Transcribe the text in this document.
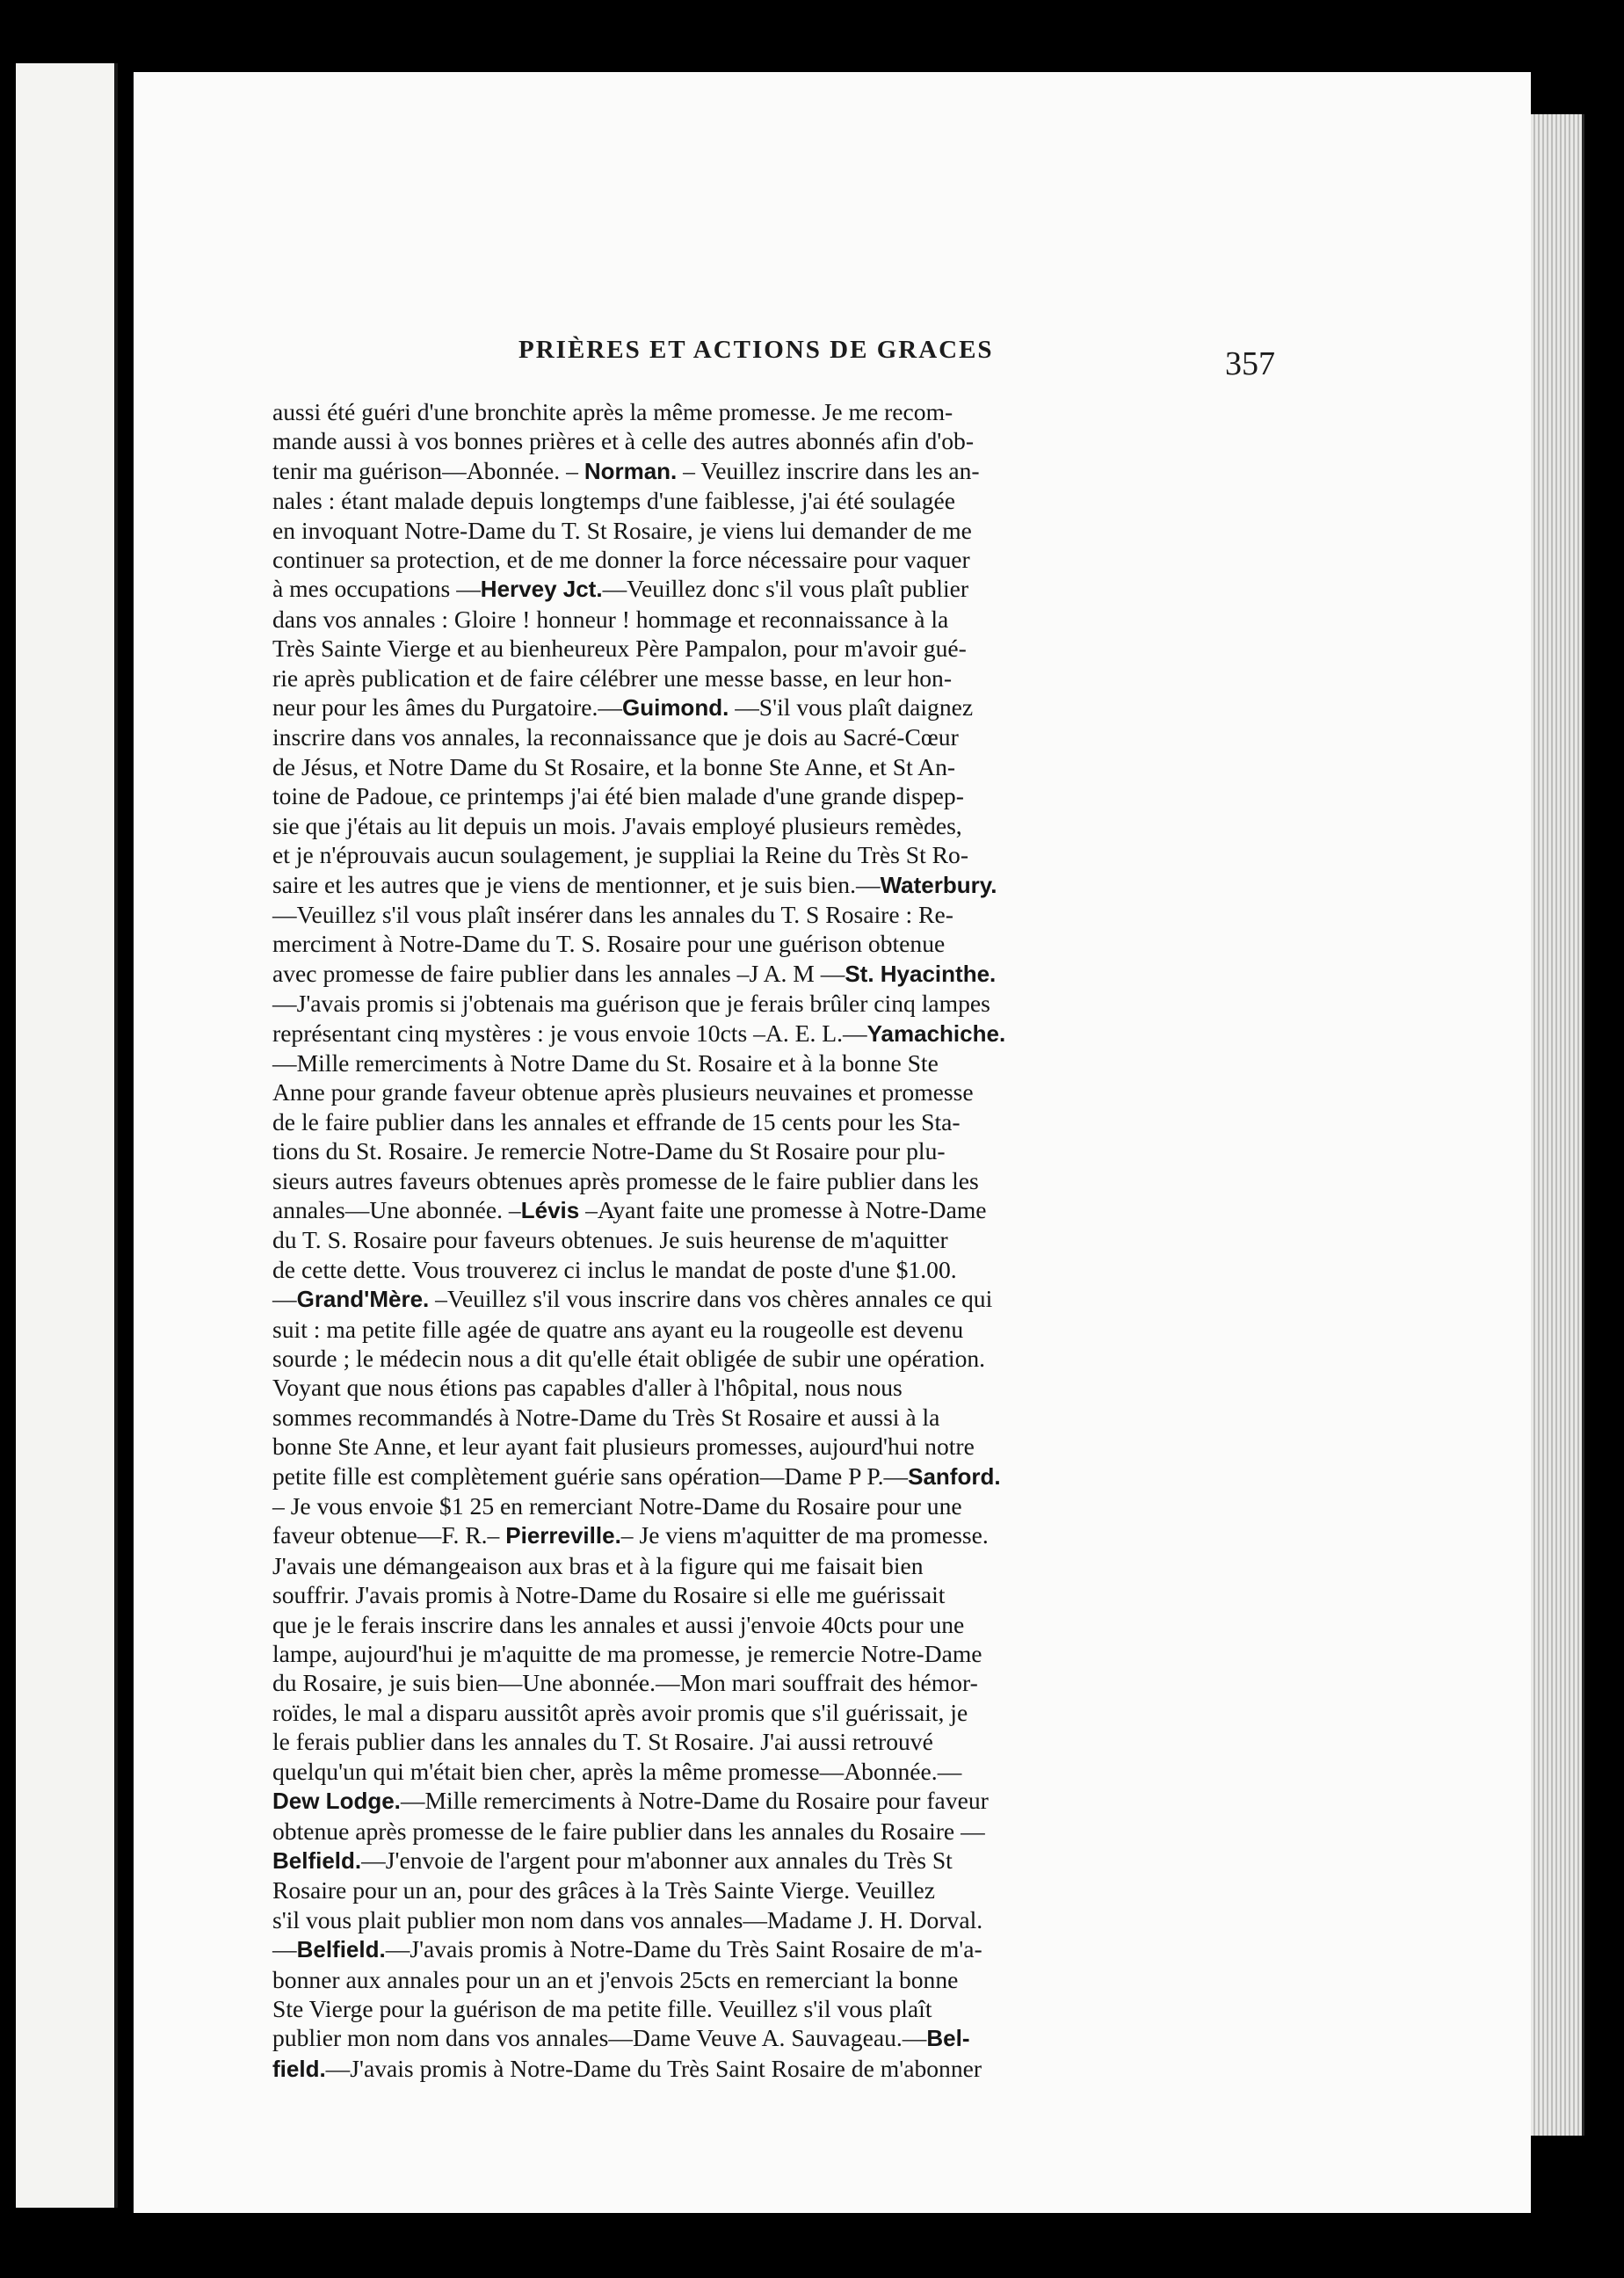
PRIÈRES ET ACTIONS DE GRACES	357
aussi été guéri d'une bronchite après la même promesse. Je me recom-
mande aussi à vos bonnes prières et à celle des autres abonnés afin d'ob-
tenir ma guérison—Abonnée. – Norman. – Veuillez inscrire dans les an-
nales : étant malade depuis longtemps d'une faiblesse, j'ai été soulagée
en invoquant Notre-Dame du T. St Rosaire, je viens lui demander de me
continuer sa protection, et de me donner la force nécessaire pour vaquer
à mes occupations —Hervey Jct.—Veuillez donc s'il vous plaît publier
dans vos annales : Gloire ! honneur ! hommage et reconnaissance à la
Très Sainte Vierge et au bienheureux Père Pampalon, pour m'avoir gué-
rie après publication et de faire célébrer une messe basse, en leur hon-
neur pour les âmes du Purgatoire.—Guimond. —S'il vous plaît daignez
inscrire dans vos annales, la reconnaissance que je dois au Sacré-Cœur
de Jésus, et Notre Dame du St Rosaire, et la bonne Ste Anne, et St An-
toine de Padoue, ce printemps j'ai été bien malade d'une grande dispep-
sie que j'étais au lit depuis un mois. J'avais employé plusieurs remèdes,
et je n'éprouvais aucun soulagement, je suppliai la Reine du Très St Ro-
saire et les autres que je viens de mentionner, et je suis bien.—Waterbury.
—Veuillez s'il vous plaît insérer dans les annales du T. S Rosaire : Re-
merciment à Notre-Dame du T. S. Rosaire pour une guérison obtenue
avec promesse de faire publier dans les annales –J A. M —St. Hyacinthe.
—J'avais promis si j'obtenais ma guérison que je ferais brûler cinq lampes
représentant cinq mystères : je vous envoie 10cts –A. E. L.—Yamachiche.
—Mille remerciments à Notre Dame du St. Rosaire et à la bonne Ste
Anne pour grande faveur obtenue après plusieurs neuvaines et promesse
de le faire publier dans les annales et effrande de 15 cents pour les Sta-
tions du St. Rosaire. Je remercie Notre-Dame du St Rosaire pour plu-
sieurs autres faveurs obtenues après promesse de le faire publier dans les
annales—Une abonnée. –Lévis –Ayant faite une promesse à Notre-Dame
du T. S. Rosaire pour faveurs obtenues. Je suis heurense de m'aquitter
de cette dette. Vous trouverez ci inclus le mandat de poste d'une $1.00.
—Grand'Mère. –Veuillez s'il vous inscrire dans vos chères annales ce qui
suit : ma petite fille agée de quatre ans ayant eu la rougeolle est devenu
sourde ; le médecin nous a dit qu'elle était obligée de subir une opération.
Voyant que nous étions pas capables d'aller à l'hôpital, nous nous
sommes recommandés à Notre-Dame du Très St Rosaire et aussi à la
bonne Ste Anne, et leur ayant fait plusieurs promesses, aujourd'hui notre
petite fille est complètement guérie sans opération—Dame P P.—Sanford.
– Je vous envoie $1 25 en remerciant Notre-Dame du Rosaire pour une
faveur obtenue—F. R.– Pierreville.– Je viens m'aquitter de ma promesse.
J'avais une démangeaison aux bras et à la figure qui me faisait bien
souffrir. J'avais promis à Notre-Dame du Rosaire si elle me guérissait
que je le ferais inscrire dans les annales et aussi j'envoie 40cts pour une
lampe, aujourd'hui je m'aquitte de ma promesse, je remercie Notre-Dame
du Rosaire, je suis bien—Une abonnée.—Mon mari souffrait des hémor-
roïdes, le mal a disparu aussitôt après avoir promis que s'il guérissait, je
le ferais publier dans les annales du T. St Rosaire. J'ai aussi retrouvé
quelqu'un qui m'était bien cher, après la même promesse—Abonnée.—
Dew Lodge.—Mille remerciments à Notre-Dame du Rosaire pour faveur
obtenue après promesse de le faire publier dans les annales du Rosaire —
Belfield.—J'envoie de l'argent pour m'abonner aux annales du Très St
Rosaire pour un an, pour des grâces à la Très Sainte Vierge. Veuillez
s'il vous plait publier mon nom dans vos annales—Madame J. H. Dorval.
—Belfield.—J'avais promis à Notre-Dame du Très Saint Rosaire de m'a-
bonner aux annales pour un an et j'envois 25cts en remerciant la bonne
Ste Vierge pour la guérison de ma petite fille. Veuillez s'il vous plaît
publier mon nom dans vos annales—Dame Veuve A. Sauvageau.—Bel-
field.—J'avais promis à Notre-Dame du Très Saint Rosaire de m'abonner
